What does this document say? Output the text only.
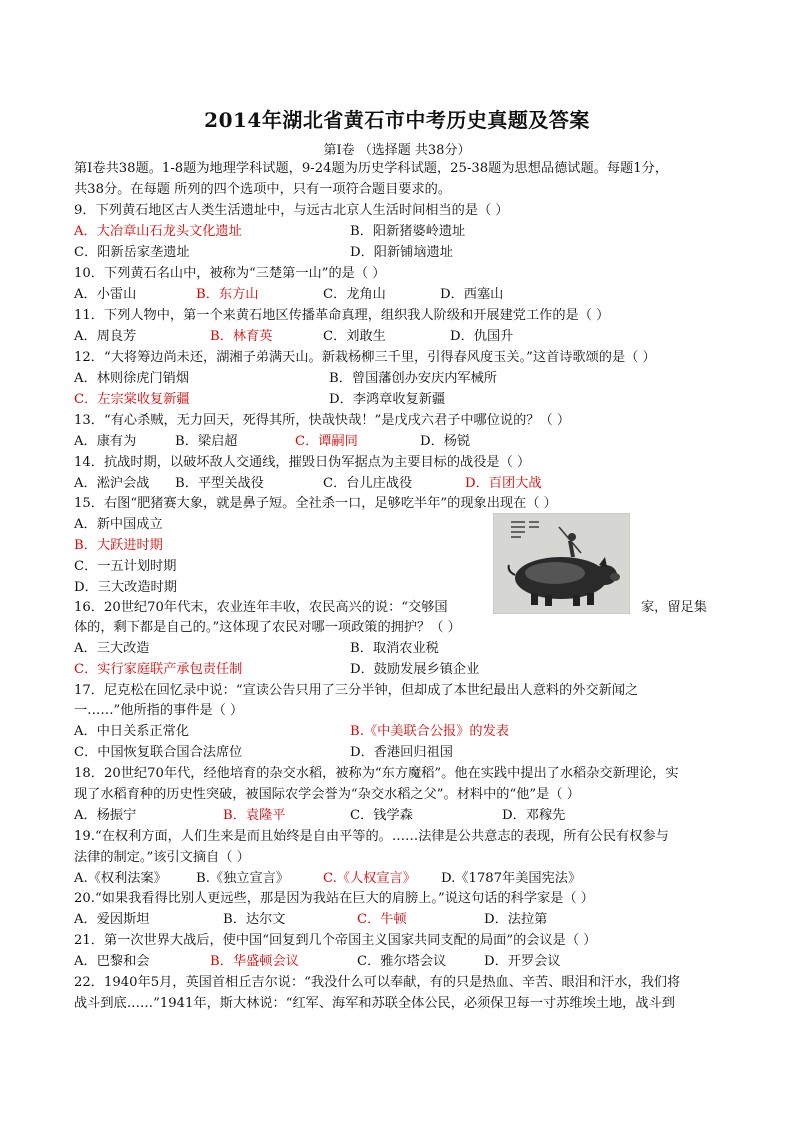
2014年湖北省黄石市中考历史真题及答案
第Ⅰ卷 （选择题 共38分）
第Ⅰ卷共38题。1-8题为地理学科试题，9-24题为历史学科试题，25-38题为思想品德试题。每题1分，
共38分。在每题 所列的四个选项中，只有一项符合题目要求的。
9．下列黄石地区古人类生活遗址中，与远古北京人生活时间相当的是（ ）
A．大冶章山石龙头文化遗址	B．阳新猪婆岭遗址
C．阳新岳家垄遗址	D．阳新铺垴遗址
10．下列黄石名山中，被称为“三楚第一山”的是（ ）
A．小雷山	B．东方山	C．龙角山	D．西塞山
11．下列人物中，第一个来黄石地区传播革命真理，组织我人阶级和开展建党工作的是（ ）
A．周良芳	B．林育英	C．刘敢生	D．仇国升
12．“大将筹边尚未还，湖湘子弟满天山。新栽杨柳三千里，引得春风度玉关。”这首诗歌颂的是（ ）
A．林则徐虎门销烟	B．曾国藩创办安庆内军械所
C．左宗棠收复新疆	D．李鸿章收复新疆
13．“有心杀贼，无力回天，死得其所，快哉快哉！”是戊戌六君子中哪位说的？（ ）
A．康有为	B．梁启超	C．谭嗣同	D．杨锐
14．抗战时期，以破坏敌人交通线，摧毁日伪军据点为主要目标的战役是（ ）
A．淞沪会战 B．平型关战役	C．台儿庄战役	D．百团大战
15．右图“肥猪赛大象，就是鼻子短。全社杀一口，足够吃半年”的现象出现在（ ）
A．新中国成立
B．大跃进时期
C．一五计划时期
D．三大改造时期
16．20世纪70年代末，农业连年丰收，农民高兴的说：“交够国	家，留足集
体的，剩下都是自己的。”这体现了农民对哪一项政策的拥护？（ ）
A．三大改造	B．取消农业税
C．实行家庭联产承包责任制	D．鼓励发展乡镇企业
17．尼克松在回忆录中说：“宣读公告只用了三分半钟，但却成了本世纪最出人意料的外交新闻之
一……”他所指的事件是（ ）
A．中日关系正常化	B.《中美联合公报》的发表
C．中国恢复联合国合法席位	D．香港回归祖国
18．20世纪70年代，经他培育的杂交水稻，被称为“东方魔稻”。他在实践中提出了水稻杂交新理论，实
现了水稻育种的历史性突破，被国际农学会誉为“杂交水稻之父”。材料中的“他”是（ ）
A．杨振宁	B．袁隆平	C．钱学森	D．邓稼先
19.“在权利方面，人们生来是而且始终是自由平等的。……法律是公共意志的表现，所有公民有权参与
法律的制定。”该引文摘自（ ）
A.《权利法案》 B.《独立宣言》	C.《人权宣言》 D.《1787年美国宪法》
20.“如果我看得比别人更远些，那是因为我站在巨大的肩膀上。”说这句话的科学家是（ ）
A．爱因斯坦	B．达尔文	C．牛顿	D．法拉第
21．第一次世界大战后，使中国“回复到几个帝国主义国家共同支配的局面”的会议是（ ）
A．巴黎和会	B．华盛顿会议	C．雅尔塔会议	D．开罗会议
22．1940年5月，英国首相丘吉尔说：“我没什么可以奉献，有的只是热血、辛苦、眼泪和汗水，我们将
战斗到底……”1941年，斯大林说：“红军、海军和苏联全体公民，必须保卫每一寸苏维埃土地，战斗到
